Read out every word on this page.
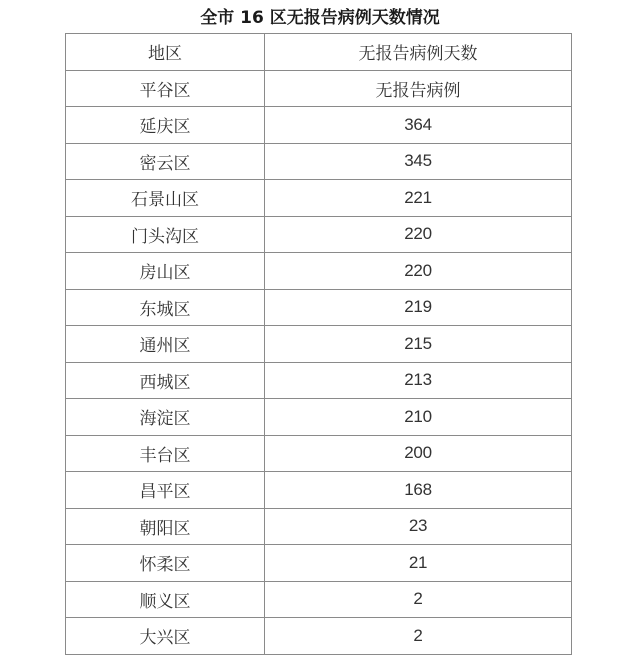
全市 16 区无报告病例天数情况
地区	无报告病例天数
平谷区	无报告病例
延庆区	364
密云区	345
石景山区	221
门头沟区	220
房山区	220
东城区	219
通州区	215
西城区	213
海淀区	210
丰台区	200
昌平区	168
朝阳区	23
怀柔区	21
顺义区	2
大兴区	2
